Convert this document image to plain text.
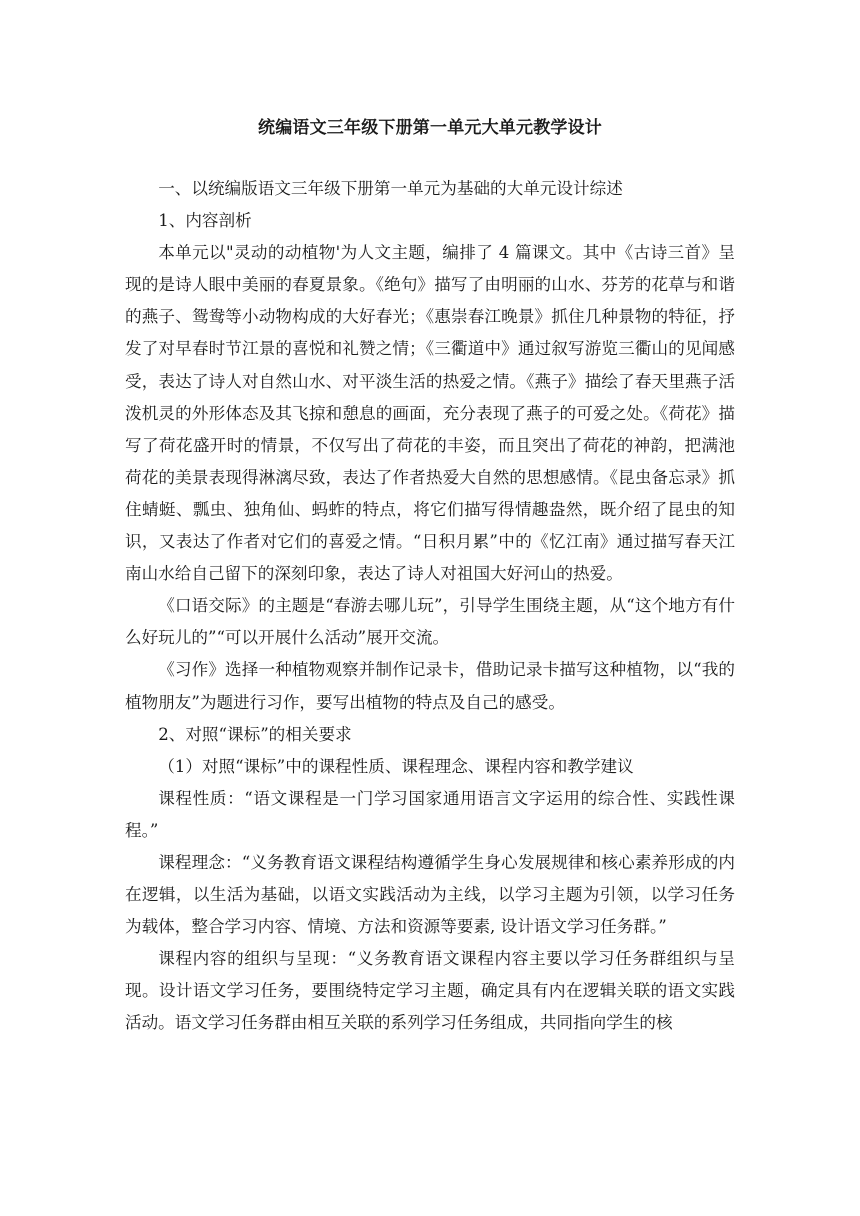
统编语文三年级下册第一单元大单元教学设计

一、以统编版语文三年级下册第一单元为基础的大单元设计综述

1、内容剖析

本单元以"灵动的动植物'为人文主题，编排了 4 篇课文。其中《古诗三首》呈现的是诗人眼中美丽的春夏景象。《绝句》描写了由明丽的山水、芬芳的花草与和谐的燕子、鸳鸯等小动物构成的大好春光；《惠崇春江晚景》抓住几种景物的特征，抒发了对早春时节江景的喜悦和礼赞之情；《三衢道中》通过叙写游览三衢山的见闻感受，表达了诗人对自然山水、对平淡生活的热爱之情。《燕子》描绘了春天里燕子活泼机灵的外形体态及其飞掠和憩息的画面，充分表现了燕子的可爱之处。《荷花》描写了荷花盛开时的情景，不仅写出了荷花的丰姿，而且突出了荷花的神韵，把满池荷花的美景表现得淋漓尽致，表达了作者热爱大自然的思想感情。《昆虫备忘录》抓住蜻蜓、瓢虫、独角仙、蚂蚱的特点，将它们描写得情趣盎然，既介绍了昆虫的知识，又表达了作者对它们的喜爱之情。“日积月累”中的《忆江南》通过描写春天江南山水给自己留下的深刻印象，表达了诗人对祖国大好河山的热爱。

《口语交际》的主题是“春游去哪儿玩”，引导学生围绕主题，从“这个地方有什么好玩儿的”“可以开展什么活动”展开交流。

《习作》选择一种植物观察并制作记录卡，借助记录卡描写这种植物，以“我的植物朋友”为题进行习作，要写出植物的特点及自己的感受。

2、对照“课标”的相关要求

（1）对照“课标”中的课程性质、课程理念、课程内容和教学建议

课程性质：“语文课程是一门学习国家通用语言文字运用的综合性、实践性课程。”

课程理念：“义务教育语文课程结构遵循学生身心发展规律和核心素养形成的内在逻辑，以生活为基础，以语文实践活动为主线，以学习主题为引领，以学习任务为载体，整合学习内容、情境、方法和资源等要素, 设计语文学习任务群。”

课程内容的组织与呈现：“义务教育语文课程内容主要以学习任务群组织与呈现。设计语文学习任务，要围绕特定学习主题，确定具有内在逻辑关联的语文实践活动。语文学习任务群由相互关联的系列学习任务组成，共同指向学生的核
